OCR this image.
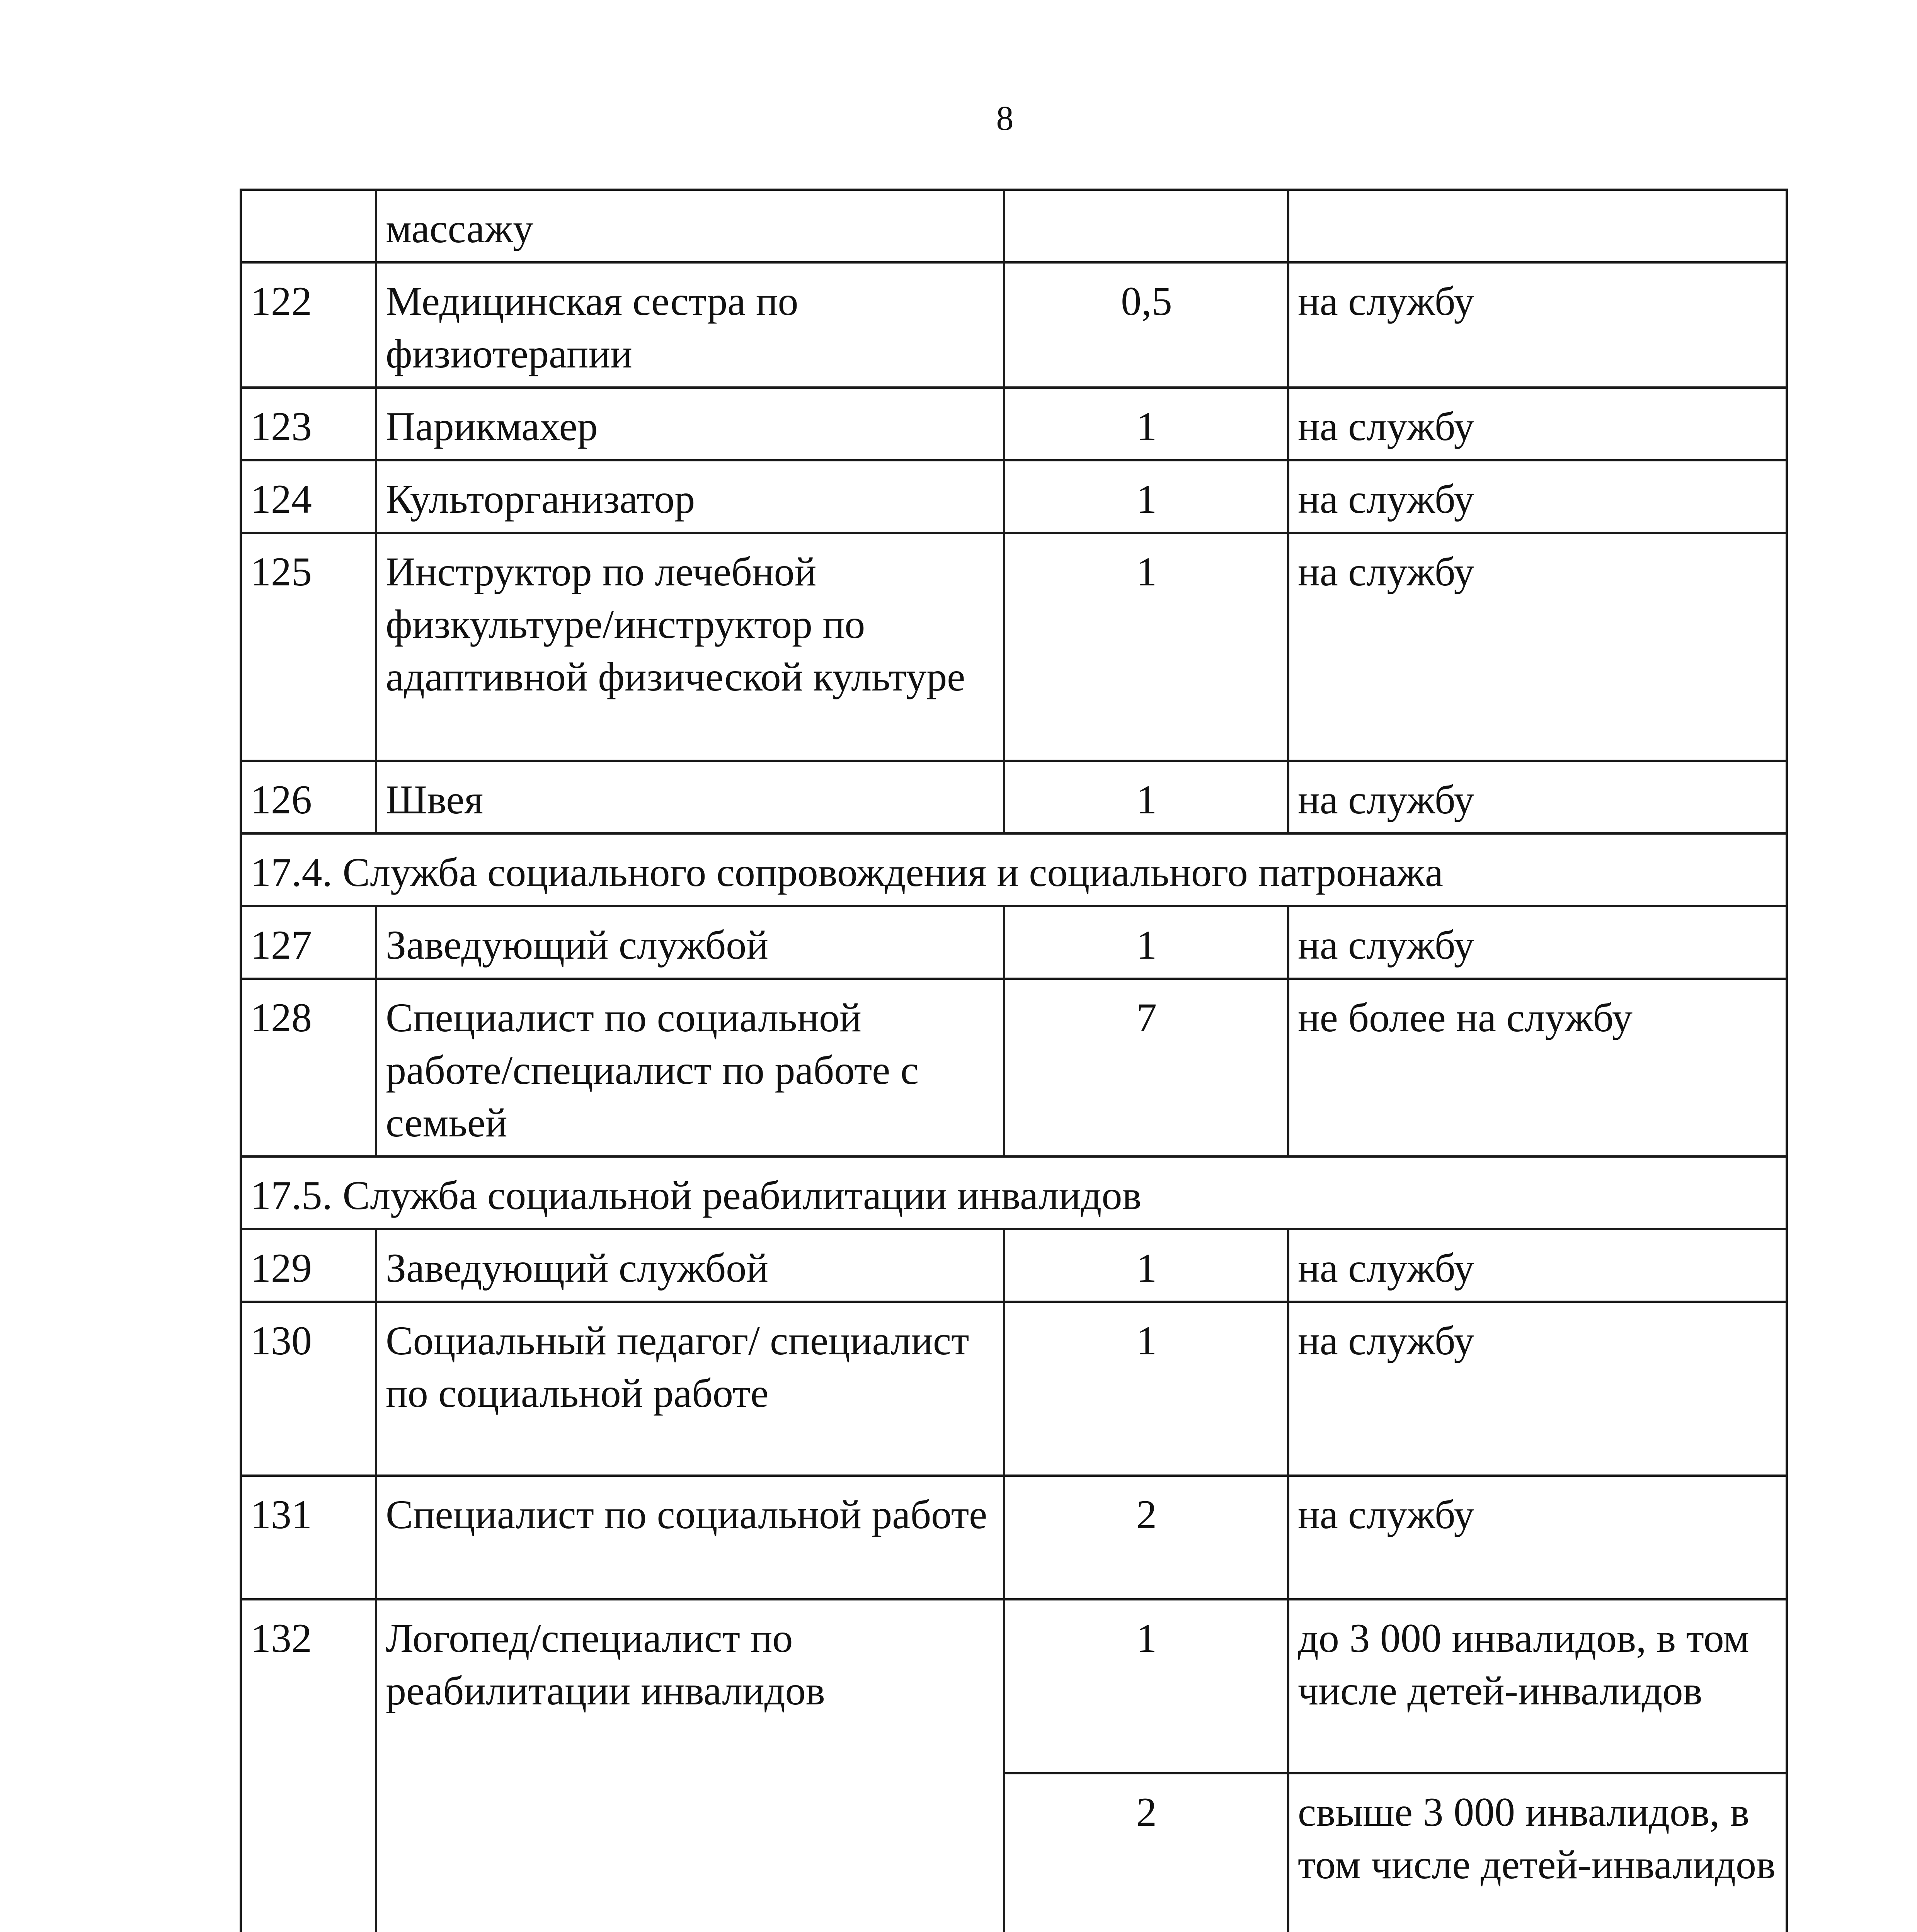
8
	массажу		
122	Медицинская сестра по физиотерапии	0,5	на службу
123	Парикмахер	1	на службу
124	Культорганизатор	1	на службу
125	Инструктор по лечебной физкультуре/инструктор по адаптивной физической культуре	1	на службу
126	Швея	1	на службу
17.4. Служба социального сопровождения и социального патронажа			
127	Заведующий службой	1	на службу
128	Специалист по социальной работе/специалист по работе с семьей	7	не более на службу
17.5. Служба социальной реабилитации инвалидов			
129	Заведующий службой	1	на службу
130	Социальный педагог/ специалист по социальной работе	1	на службу
131	Специалист по социальной работе	2	на службу
132	Логопед/специалист по реабилитации инвалидов	1	до 3 000 инвалидов, в том числе детей-инвалидов
		2	свыше 3 000 инвалидов, в том числе детей-инвалидов
